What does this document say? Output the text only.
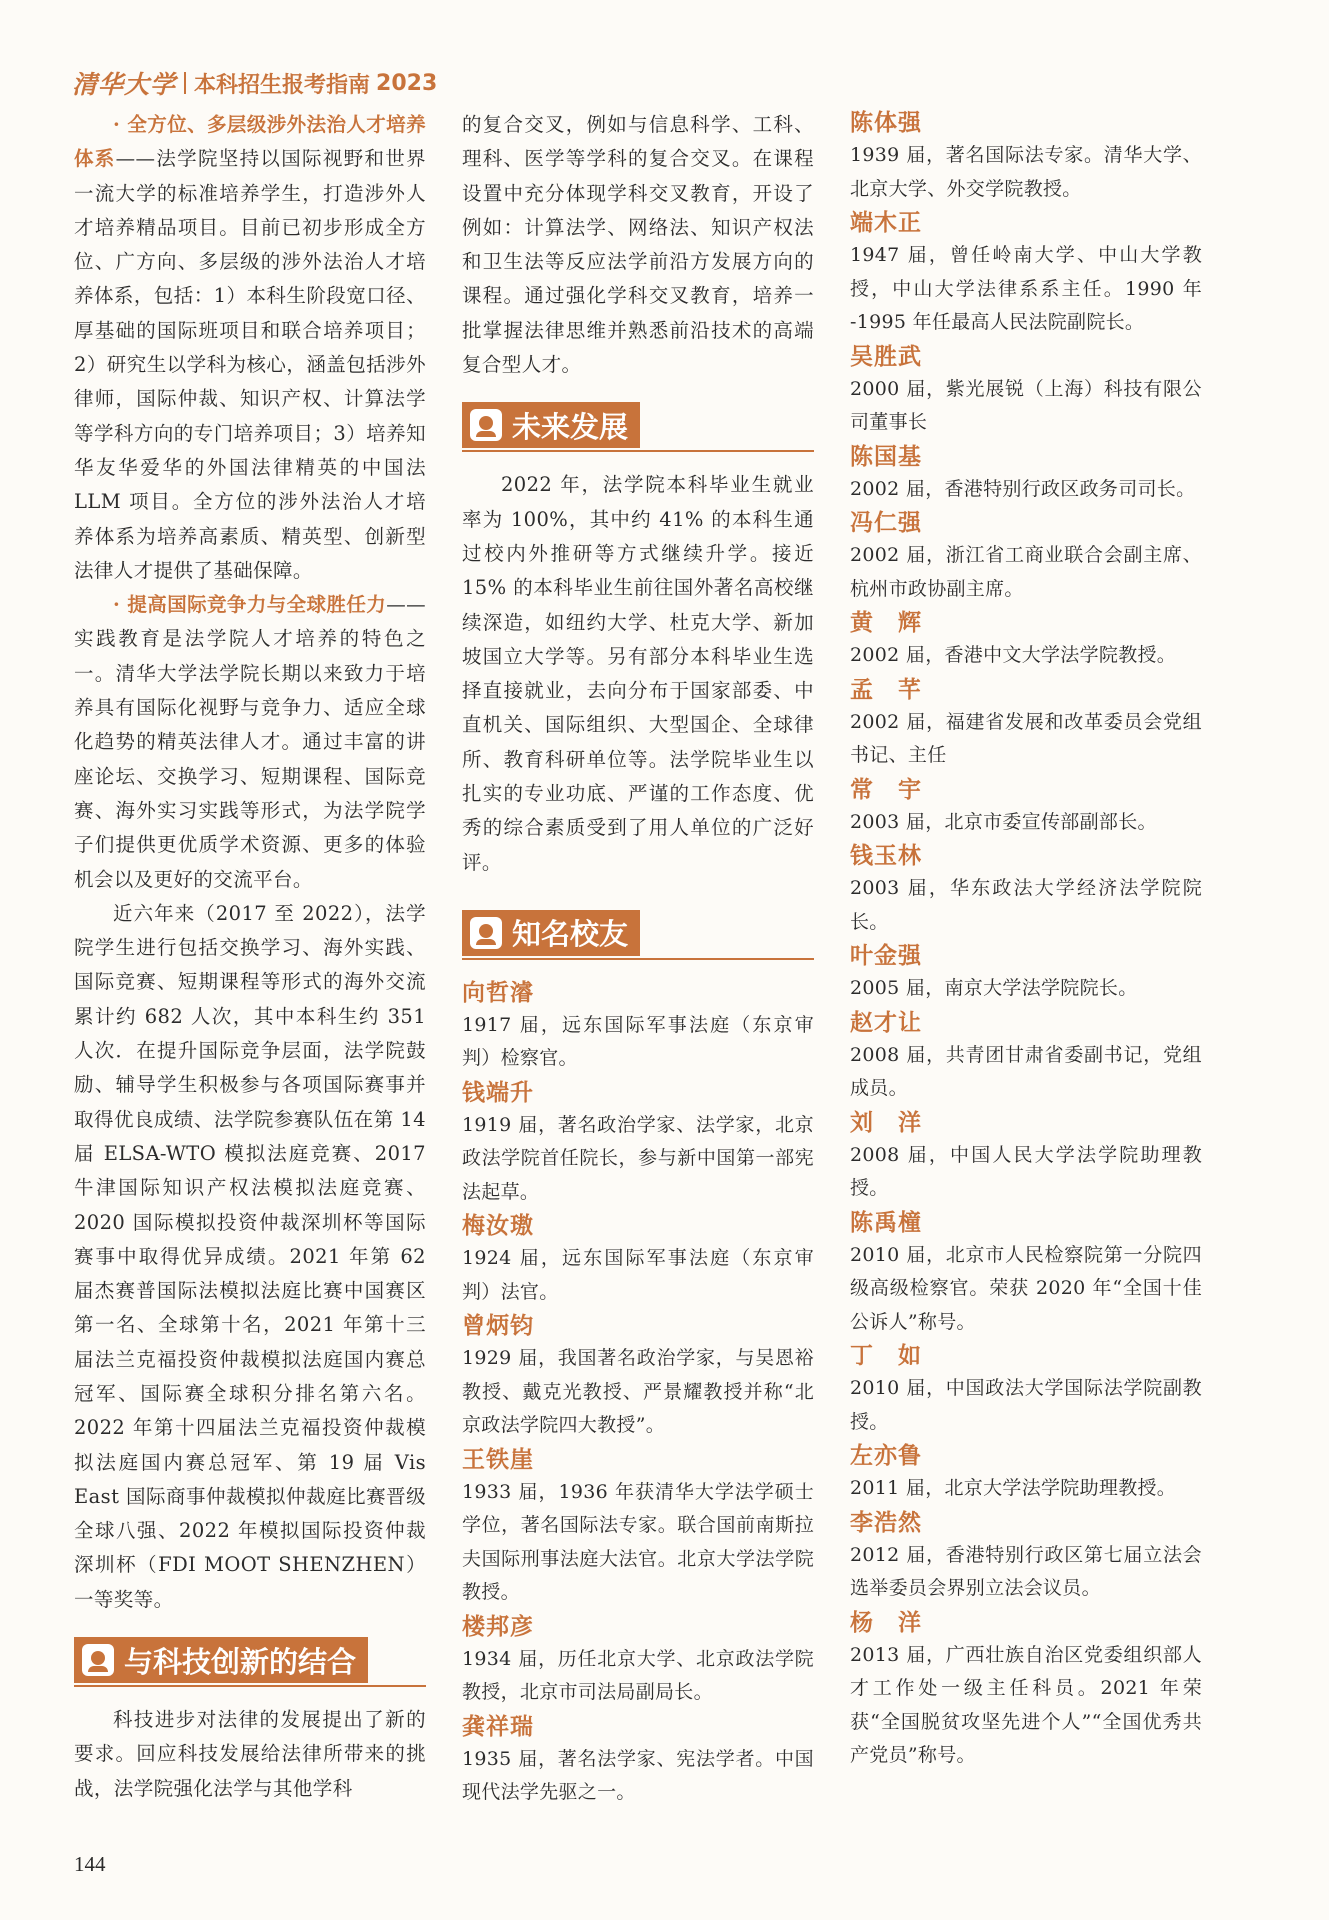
清华大学 本科招生报考指南 2023

· 全方位、多层级涉外法治人才培养体系——法学院坚持以国际视野和世界一流大学的标准培养学生，打造涉外人才培养精品项目。目前已初步形成全方位、广方向、多层级的涉外法治人才培养体系，包括：1）本科生阶段宽口径、厚基础的国际班项目和联合培养项目；2）研究生以学科为核心，涵盖包括涉外律师，国际仲裁、知识产权、计算法学等学科方向的专门培养项目；3）培养知华友华爱华的外国法律精英的中国法 LLM 项目。全方位的涉外法治人才培养体系为培养高素质、精英型、创新型法律人才提供了基础保障。

· 提高国际竞争力与全球胜任力——实践教育是法学院人才培养的特色之一。清华大学法学院长期以来致力于培养具有国际化视野与竞争力、适应全球化趋势的精英法律人才。通过丰富的讲座论坛、交换学习、短期课程、国际竞赛、海外实习实践等形式，为法学院学子们提供更优质学术资源、更多的体验机会以及更好的交流平台。

近六年来（2017 至 2022），法学院学生进行包括交换学习、海外实践、国际竞赛、短期课程等形式的海外交流累计约 682 人次，其中本科生约 351 人次．在提升国际竞争层面，法学院鼓励、辅导学生积极参与各项国际赛事并取得优良成绩、法学院参赛队伍在第 14 届 ELSA-WTO 模拟法庭竞赛、2017 牛津国际知识产权法模拟法庭竞赛、2020 国际模拟投资仲裁深圳杯等国际赛事中取得优异成绩。2021 年第 62 届杰赛普国际法模拟法庭比赛中国赛区第一名、全球第十名，2021 年第十三届法兰克福投资仲裁模拟法庭国内赛总冠军、国际赛全球积分排名第六名。2022 年第十四届法兰克福投资仲裁模拟法庭国内赛总冠军、第 19 届 Vis East 国际商事仲裁模拟仲裁庭比赛晋级全球八强、2022 年模拟国际投资仲裁深圳杯（FDI MOOT SHENZHEN）一等奖等。

与科技创新的结合

科技进步对法律的发展提出了新的要求。回应科技发展给法律所带来的挑战，法学院强化法学与其他学科

的复合交叉，例如与信息科学、工科、理科、医学等学科的复合交叉。在课程设置中充分体现学科交叉教育，开设了例如：计算法学、网络法、知识产权法和卫生法等反应法学前沿方发展方向的课程。通过强化学科交叉教育，培养一批掌握法律思维并熟悉前沿技术的高端复合型人才。

未来发展

2022 年，法学院本科毕业生就业率为 100%，其中约 41% 的本科生通过校内外推研等方式继续升学。接近 15% 的本科毕业生前往国外著名高校继续深造，如纽约大学、杜克大学、新加坡国立大学等。另有部分本科毕业生选择直接就业，去向分布于国家部委、中直机关、国际组织、大型国企、全球律所、教育科研单位等。法学院毕业生以扎实的专业功底、严谨的工作态度、优秀的综合素质受到了用人单位的广泛好评。

知名校友
向哲濬
1917 届，远东国际军事法庭（东京审判）检察官。
钱端升
1919 届，著名政治学家、法学家，北京政法学院首任院长，参与新中国第一部宪法起草。
梅汝璈
1924 届，远东国际军事法庭（东京审判）法官。
曾炳钧
1929 届，我国著名政治学家，与吴恩裕教授、戴克光教授、严景耀教授并称“北京政法学院四大教授”。
王铁崖
1933 届，1936 年获清华大学法学硕士学位，著名国际法专家。联合国前南斯拉夫国际刑事法庭大法官。北京大学法学院教授。
楼邦彦
1934 届，历任北京大学、北京政法学院教授，北京市司法局副局长。
龚祥瑞
1935 届，著名法学家、宪法学者。中国现代法学先驱之一。
陈体强
1939 届，著名国际法专家。清华大学、北京大学、外交学院教授。
端木正
1947 届，曾任岭南大学、中山大学教授，中山大学法律系系主任。1990 年 -1995 年任最高人民法院副院长。
吴胜武
2000 届，紫光展锐（上海）科技有限公司董事长
陈国基
2002 届，香港特别行政区政务司司长。
冯仁强
2002 届，浙江省工商业联合会副主席、杭州市政协副主席。
黄　辉
2002 届，香港中文大学法学院教授。
孟　芊
2002 届，福建省发展和改革委员会党组书记、主任
常　宇
2003 届，北京市委宣传部副部长。
钱玉林
2003 届，华东政法大学经济法学院院长。
叶金强
2005 届，南京大学法学院院长。
赵才让
2008 届，共青团甘肃省委副书记，党组成员。
刘　洋
2008 届，中国人民大学法学院助理教授。
陈禹橦
2010 届，北京市人民检察院第一分院四级高级检察官。荣获 2020 年“全国十佳公诉人”称号。
丁　如
2010 届，中国政法大学国际法学院副教授。
左亦鲁
2011 届，北京大学法学院助理教授。
李浩然
2012 届，香港特别行政区第七届立法会选举委员会界别立法会议员。
杨　洋
2013 届，广西壮族自治区党委组织部人才工作处一级主任科员。2021 年荣获“全国脱贫攻坚先进个人”“全国优秀共产党员”称号。
144
